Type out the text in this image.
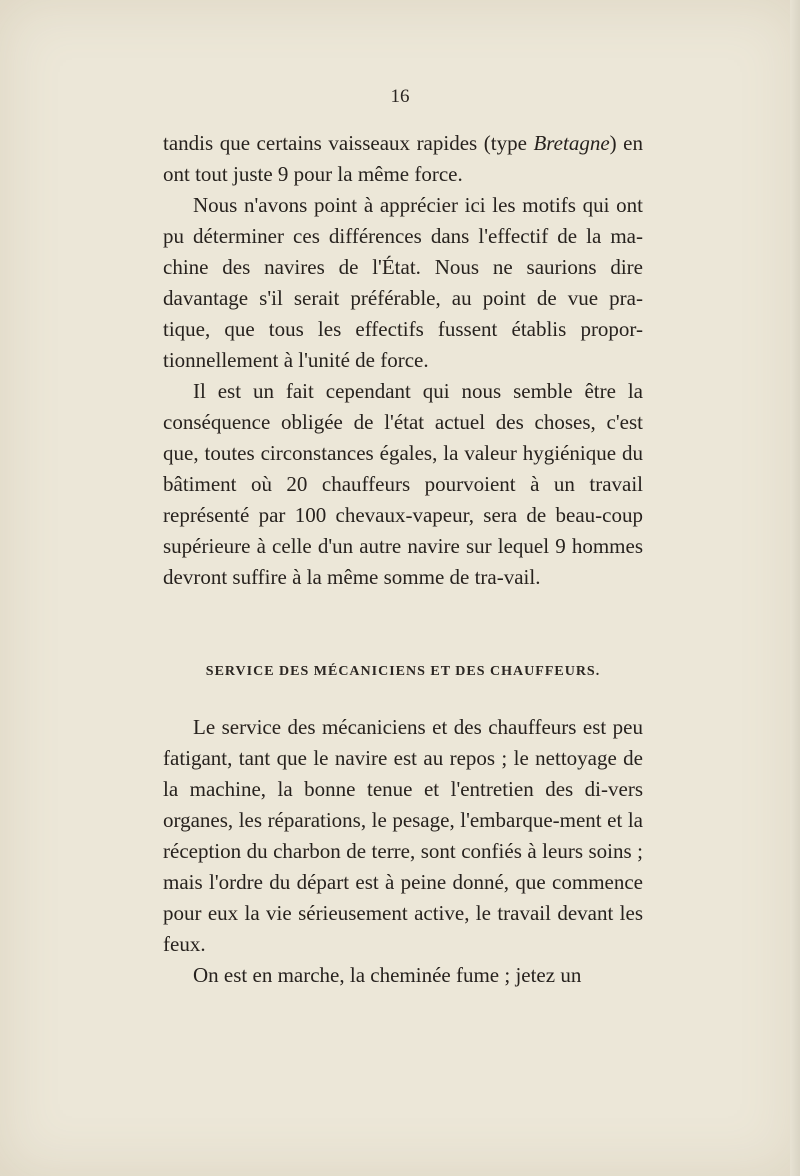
16

tandis que certains vaisseaux rapides (type Bretagne) en ont tout juste 9 pour la même force.

Nous n'avons point à apprécier ici les motifs qui ont pu déterminer ces différences dans l'effectif de la ma-chine des navires de l'État. Nous ne saurions dire davantage s'il serait préférable, au point de vue pra-tique, que tous les effectifs fussent établis propor-tionnellement à l'unité de force.

Il est un fait cependant qui nous semble être la conséquence obligée de l'état actuel des choses, c'est que, toutes circonstances égales, la valeur hygiénique du bâtiment où 20 chauffeurs pourvoient à un travail représenté par 100 chevaux-vapeur, sera de beau-coup supérieure à celle d'un autre navire sur lequel 9 hommes devront suffire à la même somme de tra-vail.

SERVICE DES MÉCANICIENS ET DES CHAUFFEURS.

Le service des mécaniciens et des chauffeurs est peu fatigant, tant que le navire est au repos ; le nettoyage de la machine, la bonne tenue et l'entretien des di-vers organes, les réparations, le pesage, l'embarque-ment et la réception du charbon de terre, sont confiés à leurs soins ; mais l'ordre du départ est à peine donné, que commence pour eux la vie sérieusement active, le travail devant les feux.

On est en marche, la cheminée fume ; jetez un
